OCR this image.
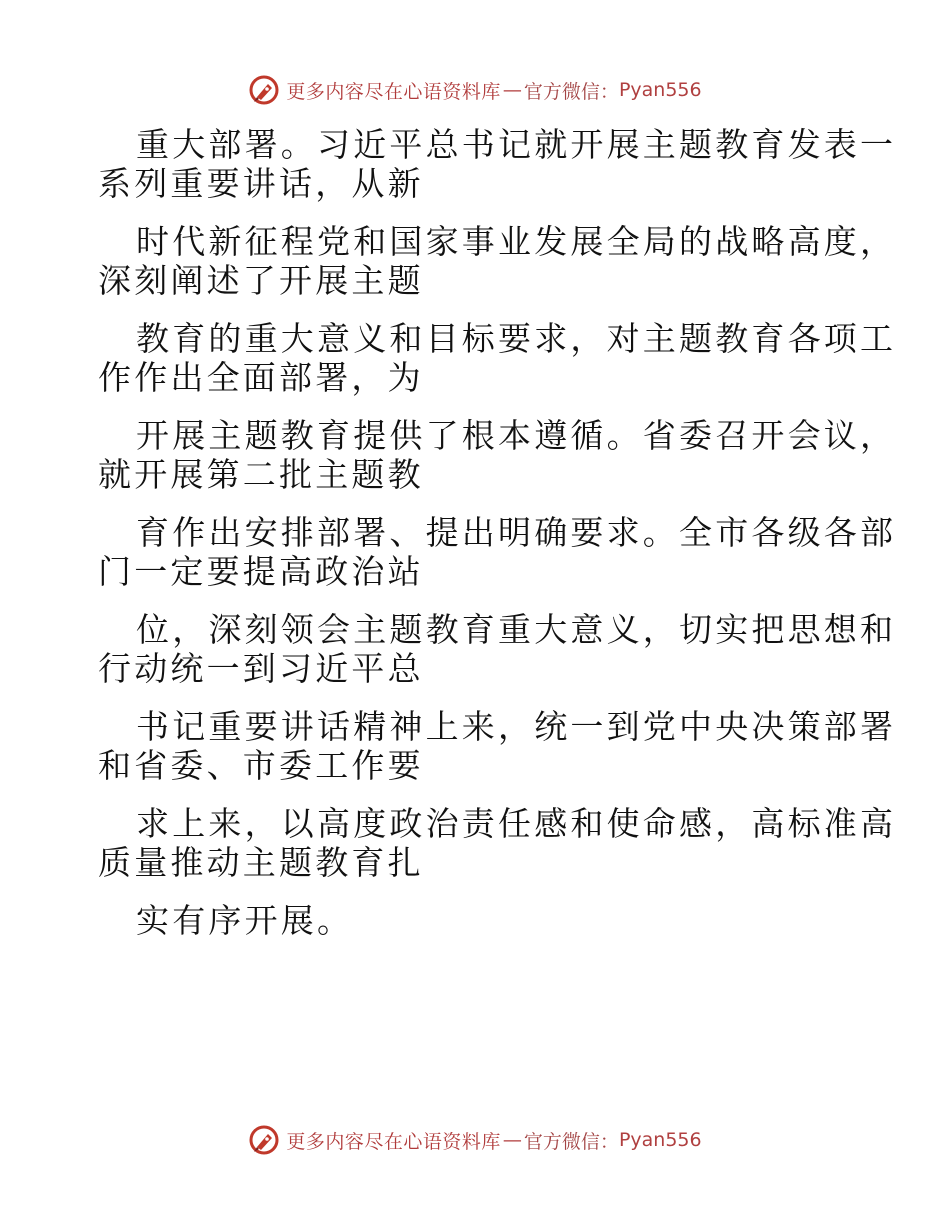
更多内容尽在心语资料库 — 官方微信： Pyan556
重大部署。习近平总书记就开展主题教育发表一
系列重要讲话，从新
时代新征程党和国家事业发展全局的战略高度，
深刻阐述了开展主题
教育的重大意义和目标要求，对主题教育各项工
作作出全面部署，为
开展主题教育提供了根本遵循。省委召开会议，
就开展第二批主题教
育作出安排部署、提出明确要求。全市各级各部
门一定要提高政治站
位，深刻领会主题教育重大意义，切实把思想和
行动统一到习近平总
书记重要讲话精神上来，统一到党中央决策部署
和省委、市委工作要
求上来，以高度政治责任感和使命感，高标准高
质量推动主题教育扎
实有序开展。
更多内容尽在心语资料库 — 官方微信： Pyan556
